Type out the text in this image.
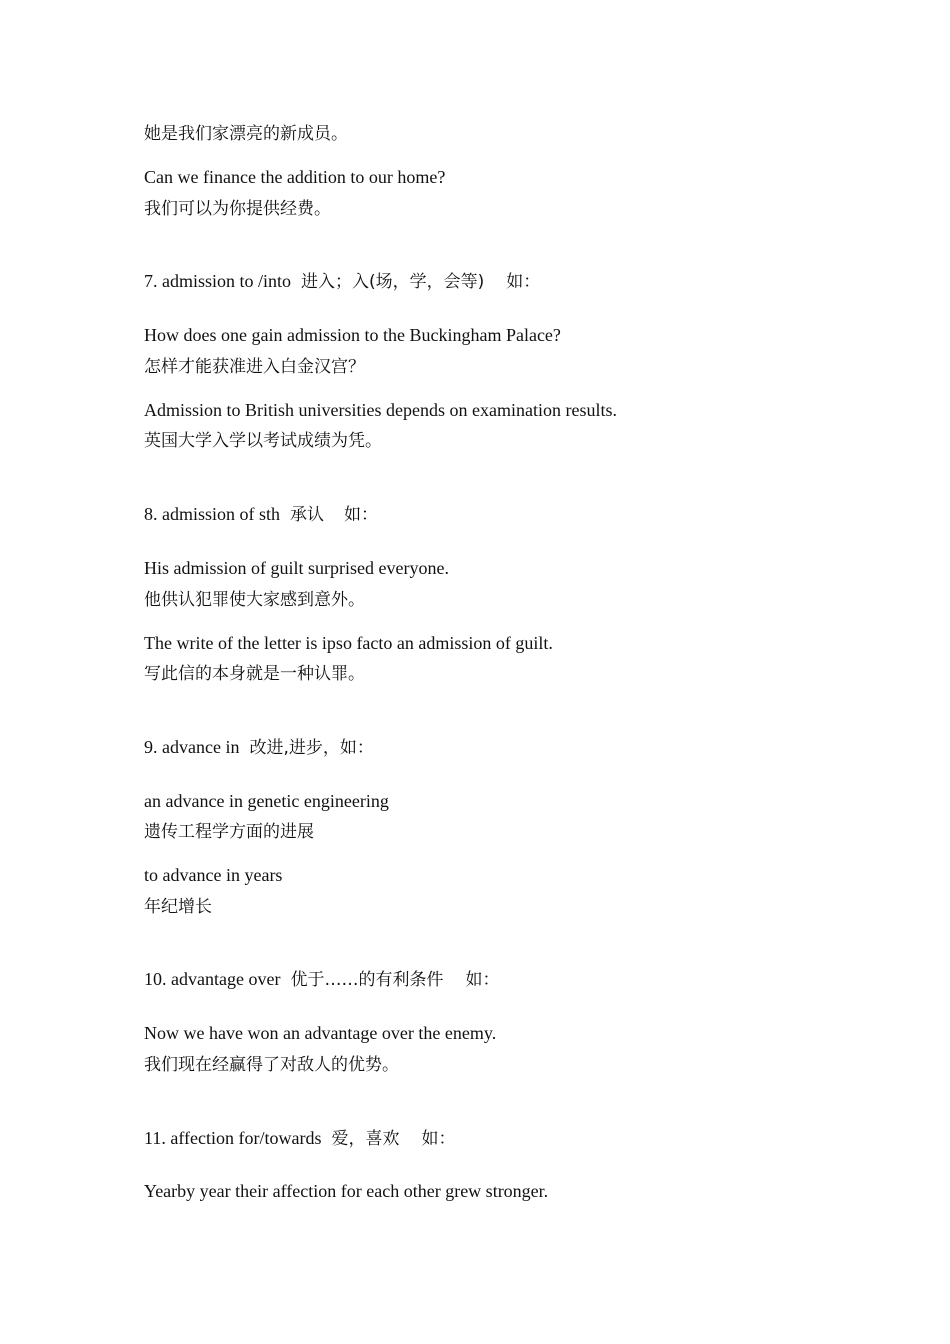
她是我们家漂亮的新成员。
Can we finance the addition to our home?
我们可以为你提供经费。
7. admission to /into 进入；入(场，学，会等) 如：
How does one gain admission to the Buckingham Palace?
怎样才能获准进入白金汉宫？
Admission to British universities depends on examination results.
英国大学入学以考试成绩为凭。
8. admission of sth 承认 如：
His admission of guilt surprised everyone.
他供认犯罪使大家感到意外。
The write of the letter is ipso facto an admission of guilt.
写此信的本身就是一种认罪。
9. advance in 改进,进步，如：
an advance in genetic engineering
遗传工程学方面的进展
to advance in years
年纪增长
10. advantage over 优于……的有利条件 如：
Now we have won an advantage over the enemy.
我们现在经赢得了对敌人的优势。
11. affection for/towards 爱，喜欢 如：
Yearby year their affection for each other grew stronger.
